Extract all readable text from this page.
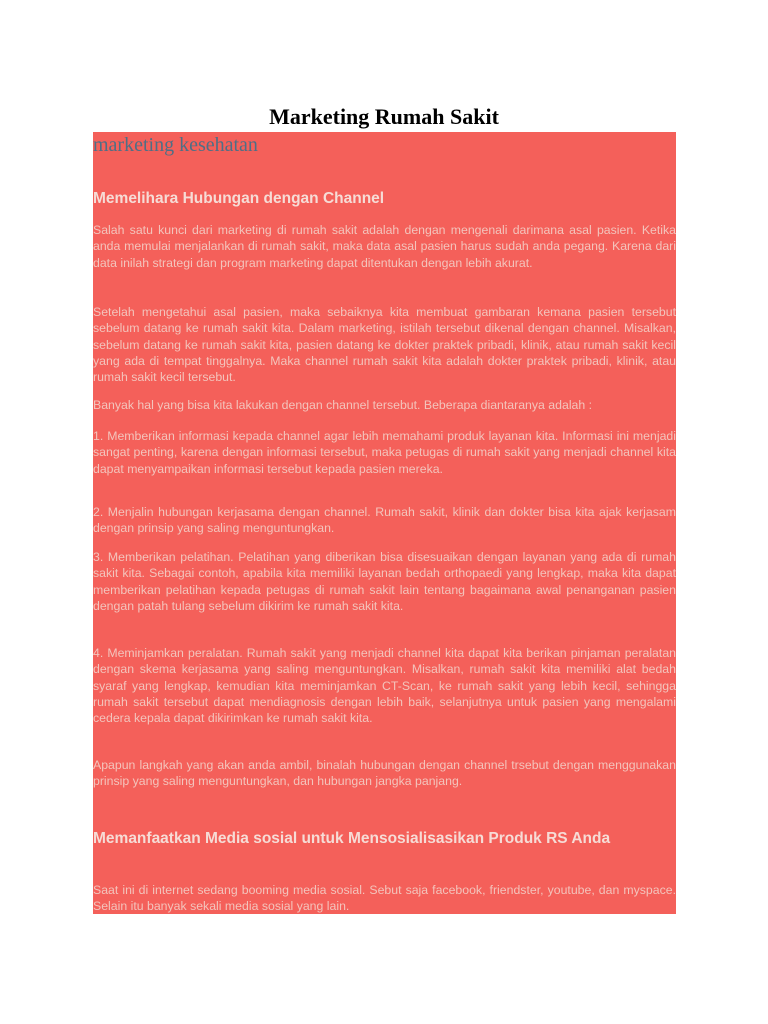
Marketing Rumah Sakit
marketing kesehatan
Memelihara Hubungan dengan Channel

Salah satu kunci dari marketing di rumah sakit adalah dengan mengenali darimana asal pasien. Ketika anda memulai menjalankan di rumah sakit, maka data asal pasien harus sudah anda pegang. Karena dari data inilah strategi dan program marketing dapat ditentukan dengan lebih akurat.

Setelah mengetahui asal pasien, maka sebaiknya kita membuat gambaran kemana pasien tersebut sebelum datang ke rumah sakit kita. Dalam marketing, istilah tersebut dikenal dengan channel. Misalkan, sebelum datang ke rumah sakit kita, pasien datang ke dokter praktek pribadi, klinik, atau rumah sakit kecil yang ada di tempat tinggalnya. Maka channel rumah sakit kita adalah dokter praktek pribadi, klinik, atau rumah sakit kecil tersebut.

Banyak hal yang bisa kita lakukan dengan channel tersebut. Beberapa diantaranya adalah :

1. Memberikan informasi kepada channel agar lebih memahami produk layanan kita. Informasi ini menjadi sangat penting, karena dengan informasi tersebut, maka petugas di rumah sakit yang menjadi channel kita dapat menyampaikan informasi tersebut kepada pasien mereka.

2. Menjalin hubungan kerjasama dengan channel. Rumah sakit, klinik dan dokter bisa kita ajak kerjasam dengan prinsip yang saling menguntungkan.

3. Memberikan pelatihan. Pelatihan yang diberikan bisa disesuaikan dengan layanan yang ada di rumah sakit kita. Sebagai contoh, apabila kita memiliki layanan bedah orthopaedi yang lengkap, maka kita dapat memberikan pelatihan kepada petugas di rumah sakit lain tentang bagaimana awal penanganan pasien dengan patah tulang sebelum dikirim ke rumah sakit kita.

4. Meminjamkan peralatan. Rumah sakit yang menjadi channel kita dapat kita berikan pinjaman peralatan dengan skema kerjasama yang saling menguntungkan. Misalkan, rumah sakit kita memiliki alat bedah syaraf yang lengkap, kemudian kita meminjamkan CT-Scan, ke rumah sakit yang lebih kecil, sehingga rumah sakit tersebut dapat mendiagnosis dengan lebih baik, selanjutnya untuk pasien yang mengalami cedera kepala dapat dikirimkan ke rumah sakit kita.

Apapun langkah yang akan anda ambil, binalah hubungan dengan channel trsebut dengan menggunakan prinsip yang saling menguntungkan, dan hubungan jangka panjang.

Memanfaatkan Media sosial untuk Mensosialisasikan Produk RS Anda

Saat ini di internet sedang booming media sosial. Sebut saja facebook, friendster, youtube, dan myspace. Selain itu banyak sekali media sosial yang lain.
